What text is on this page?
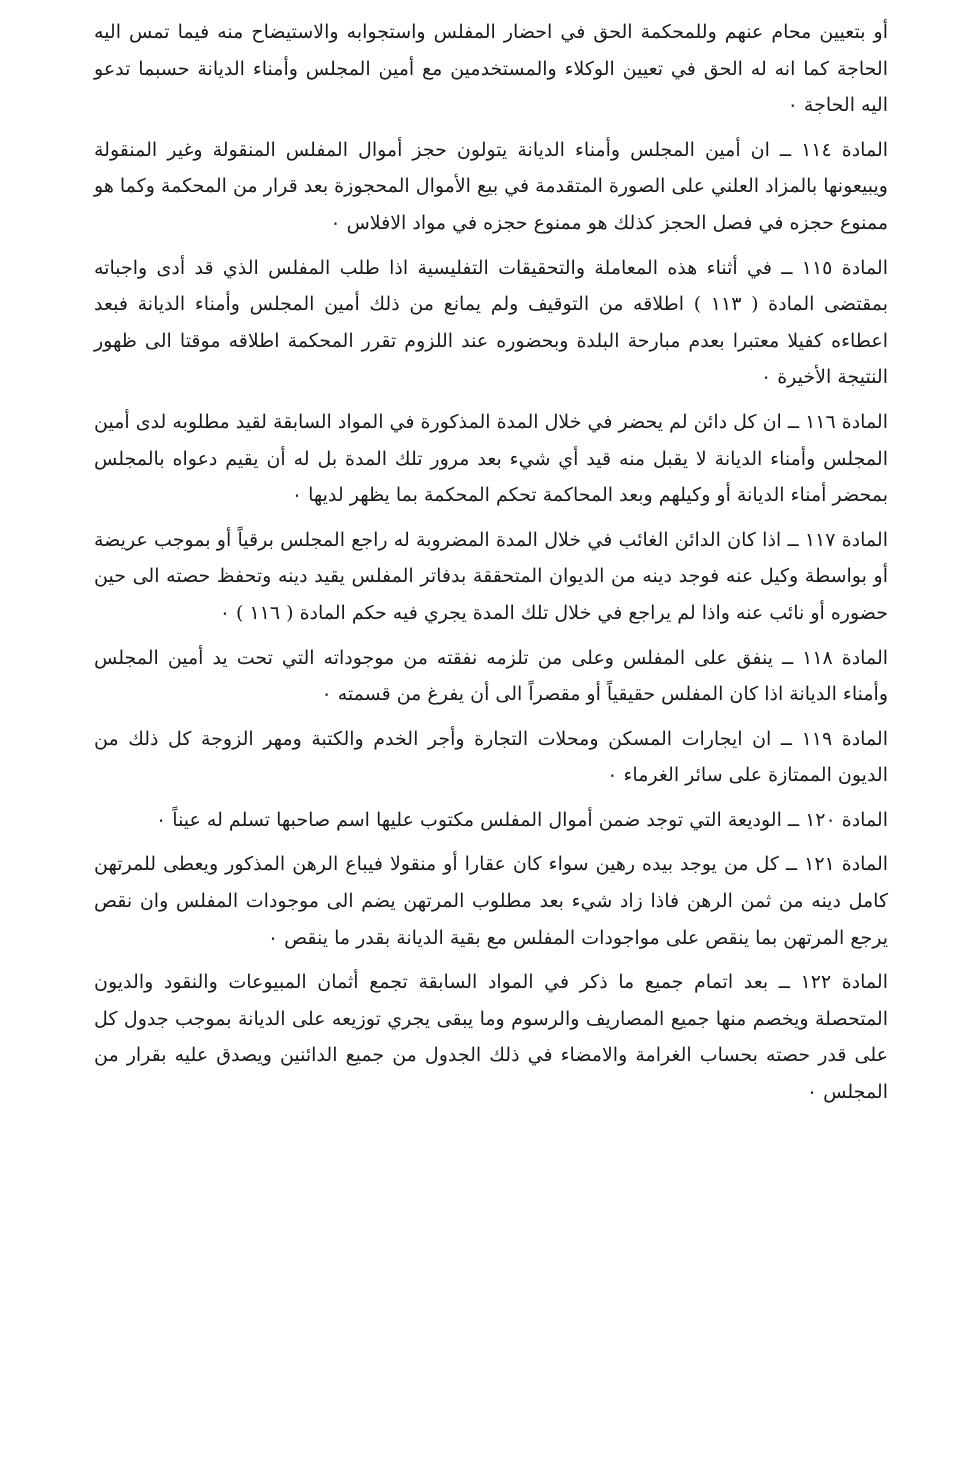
أو بتعيين محام عنهم وللمحكمة الحق في احضار المفلس واستجوابه والاستيضاح منه فيما تمس اليه الحاجة كما انه له الحق في تعيين الوكلاء والمستخدمين مع أمين المجلس وأمناء الديانة حسبما تدعو اليه الحاجة ٠

المادة ١١٤ ــ ان أمين المجلس وأمناء الديانة يتولون حجز أموال المفلس المنقولة وغير المنقولة ويبيعونها بالمزاد العلني على الصورة المتقدمة في بيع الأموال المحجوزة بعد قرار من المحكمة وكما هو ممنوع حجزه في فصل الحجز كذلك هو ممنوع حجزه في مواد الافلاس ٠

المادة ١١٥ ــ في أثناء هذه المعاملة والتحقيقات التفليسية اذا طلب المفلس الذي قد أدى واجباته بمقتضى المادة ( ١١٣ ) اطلاقه من التوقيف ولم يمانع من ذلك أمين المجلس وأمناء الديانة فبعد اعطاءه كفيلا معتبرا بعدم مبارحة البلدة وبحضوره عند اللزوم تقرر المحكمة اطلاقه موقتا الى ظهور النتيجة الأخيرة ٠

المادة ١١٦ ــ ان كل دائن لم يحضر في خلال المدة المذكورة في المواد السابقة لقيد مطلوبه لدى أمين المجلس وأمناء الديانة لا يقبل منه قيد أي شيء بعد مرور تلك المدة بل له أن يقيم دعواه بالمجلس بمحضر أمناء الديانة أو وكيلهم وبعد المحاكمة تحكم المحكمة بما يظهر لديها ٠

المادة ١١٧ ــ اذا كان الدائن الغائب في خلال المدة المضروبة له راجع المجلس برقياً أو بموجب عريضة أو بواسطة وكيل عنه فوجد دينه من الديوان المتحققة بدفاتر المفلس يقيد دينه وتحفظ حصته الى حين حضوره أو نائب عنه واذا لم يراجع في خلال تلك المدة يجري فيه حكم المادة ( ١١٦ ) ٠

المادة ١١٨ ــ ينفق على المفلس وعلى من تلزمه نفقته من موجوداته التي تحت يد أمين المجلس وأمناء الديانة اذا كان المفلس حقيقياً أو مقصراً الى أن يفرغ من قسمته ٠

المادة ١١٩ ــ ان ايجارات المسكن ومحلات التجارة وأجر الخدم والكتبة ومهر الزوجة كل ذلك من الديون الممتازة على سائر الغرماء ٠

المادة ١٢٠ ــ الوديعة التي توجد ضمن أموال المفلس مكتوب عليها اسم صاحبها تسلم له عيناً ٠

المادة ١٢١ ــ كل من يوجد بيده رهين سواء كان عقارا أو منقولا فيباع الرهن المذكور ويعطى للمرتهن كامل دينه من ثمن الرهن فاذا زاد شيء بعد مطلوب المرتهن يضم الى موجودات المفلس وان نقص يرجع المرتهن بما ينقص على مواجودات المفلس مع بقية الديانة بقدر ما ينقص ٠

المادة ١٢٢ ــ بعد اتمام جميع ما ذكر في المواد السابقة تجمع أثمان المبيوعات والنقود والديون المتحصلة ويخصم منها جميع المصاريف والرسوم وما يبقى يجري توزيعه على الديانة بموجب جدول كل على قدر حصته بحساب الغرامة والامضاء في ذلك الجدول من جميع الدائنين ويصدق عليه بقرار من المجلس ٠
